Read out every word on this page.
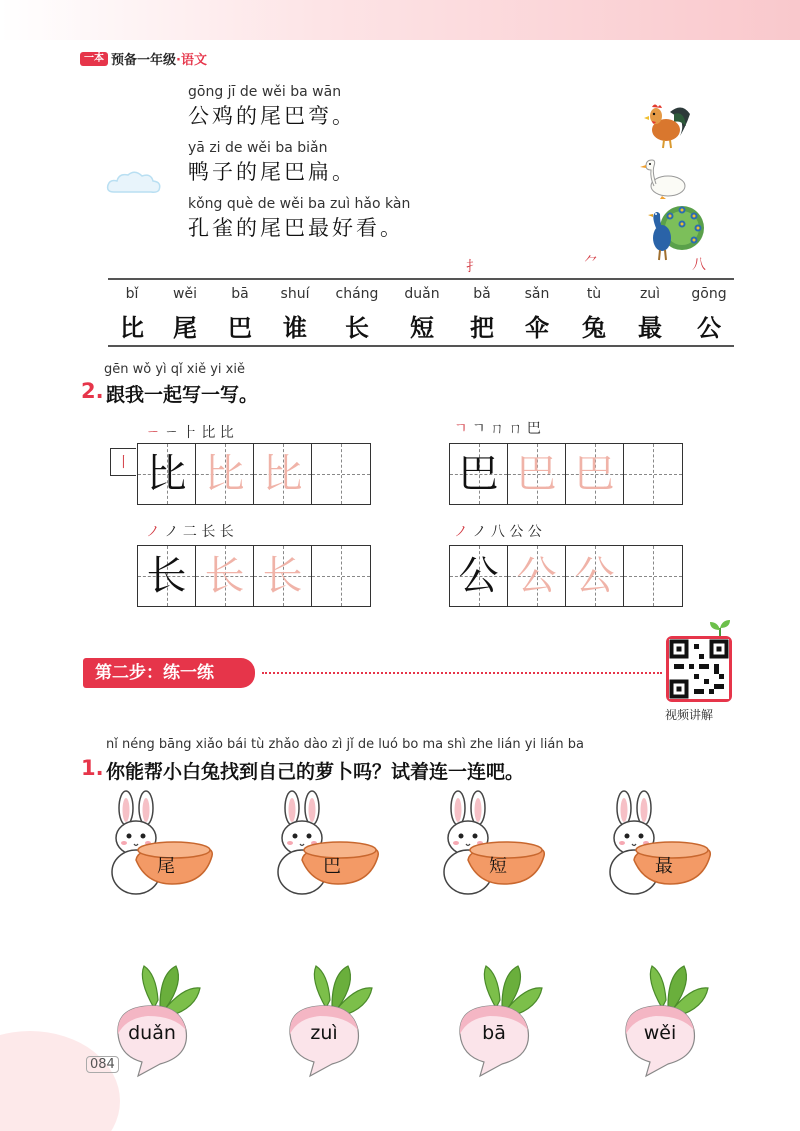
一本 预备一年级·语文
gōng jī de wěi ba wān
公鸡的尾巴弯。
yā zi de wěi ba biǎn
鸭子的尾巴扁。
kǒng què de wěi ba zuì hǎo kàn
孔雀的尾巴最好看。
扌	⺈	八
bǐ
比
wěi
尾
bā
巴
shuí
谁
cháng
长
duǎn
短
bǎ
把
sǎn
伞
tù
兔
zuì
最
gōng
公
gēn wǒ yì qǐ xiě yi xiě
2. 跟我一起写一写。
ㄧ ㄧ ⺊ 比 比
丨 比 比 比
ㄱ ㄱ ㄇ ㄇ 巴
巴 巴 巴
ノ ノ 二 长 长
长 长 长
ノ ノ 八 公 公
公 公 公
第二步：练一练
视频讲解
nǐ néng bāng xiǎo bái tù zhǎo dào zì jǐ de luó bo ma shì zhe lián yi lián ba
1. 你能帮小白兔找到自己的萝卜吗？试着连一连吧。
尾	巴	短	最
duǎn	zuì	bā	wěi
084
